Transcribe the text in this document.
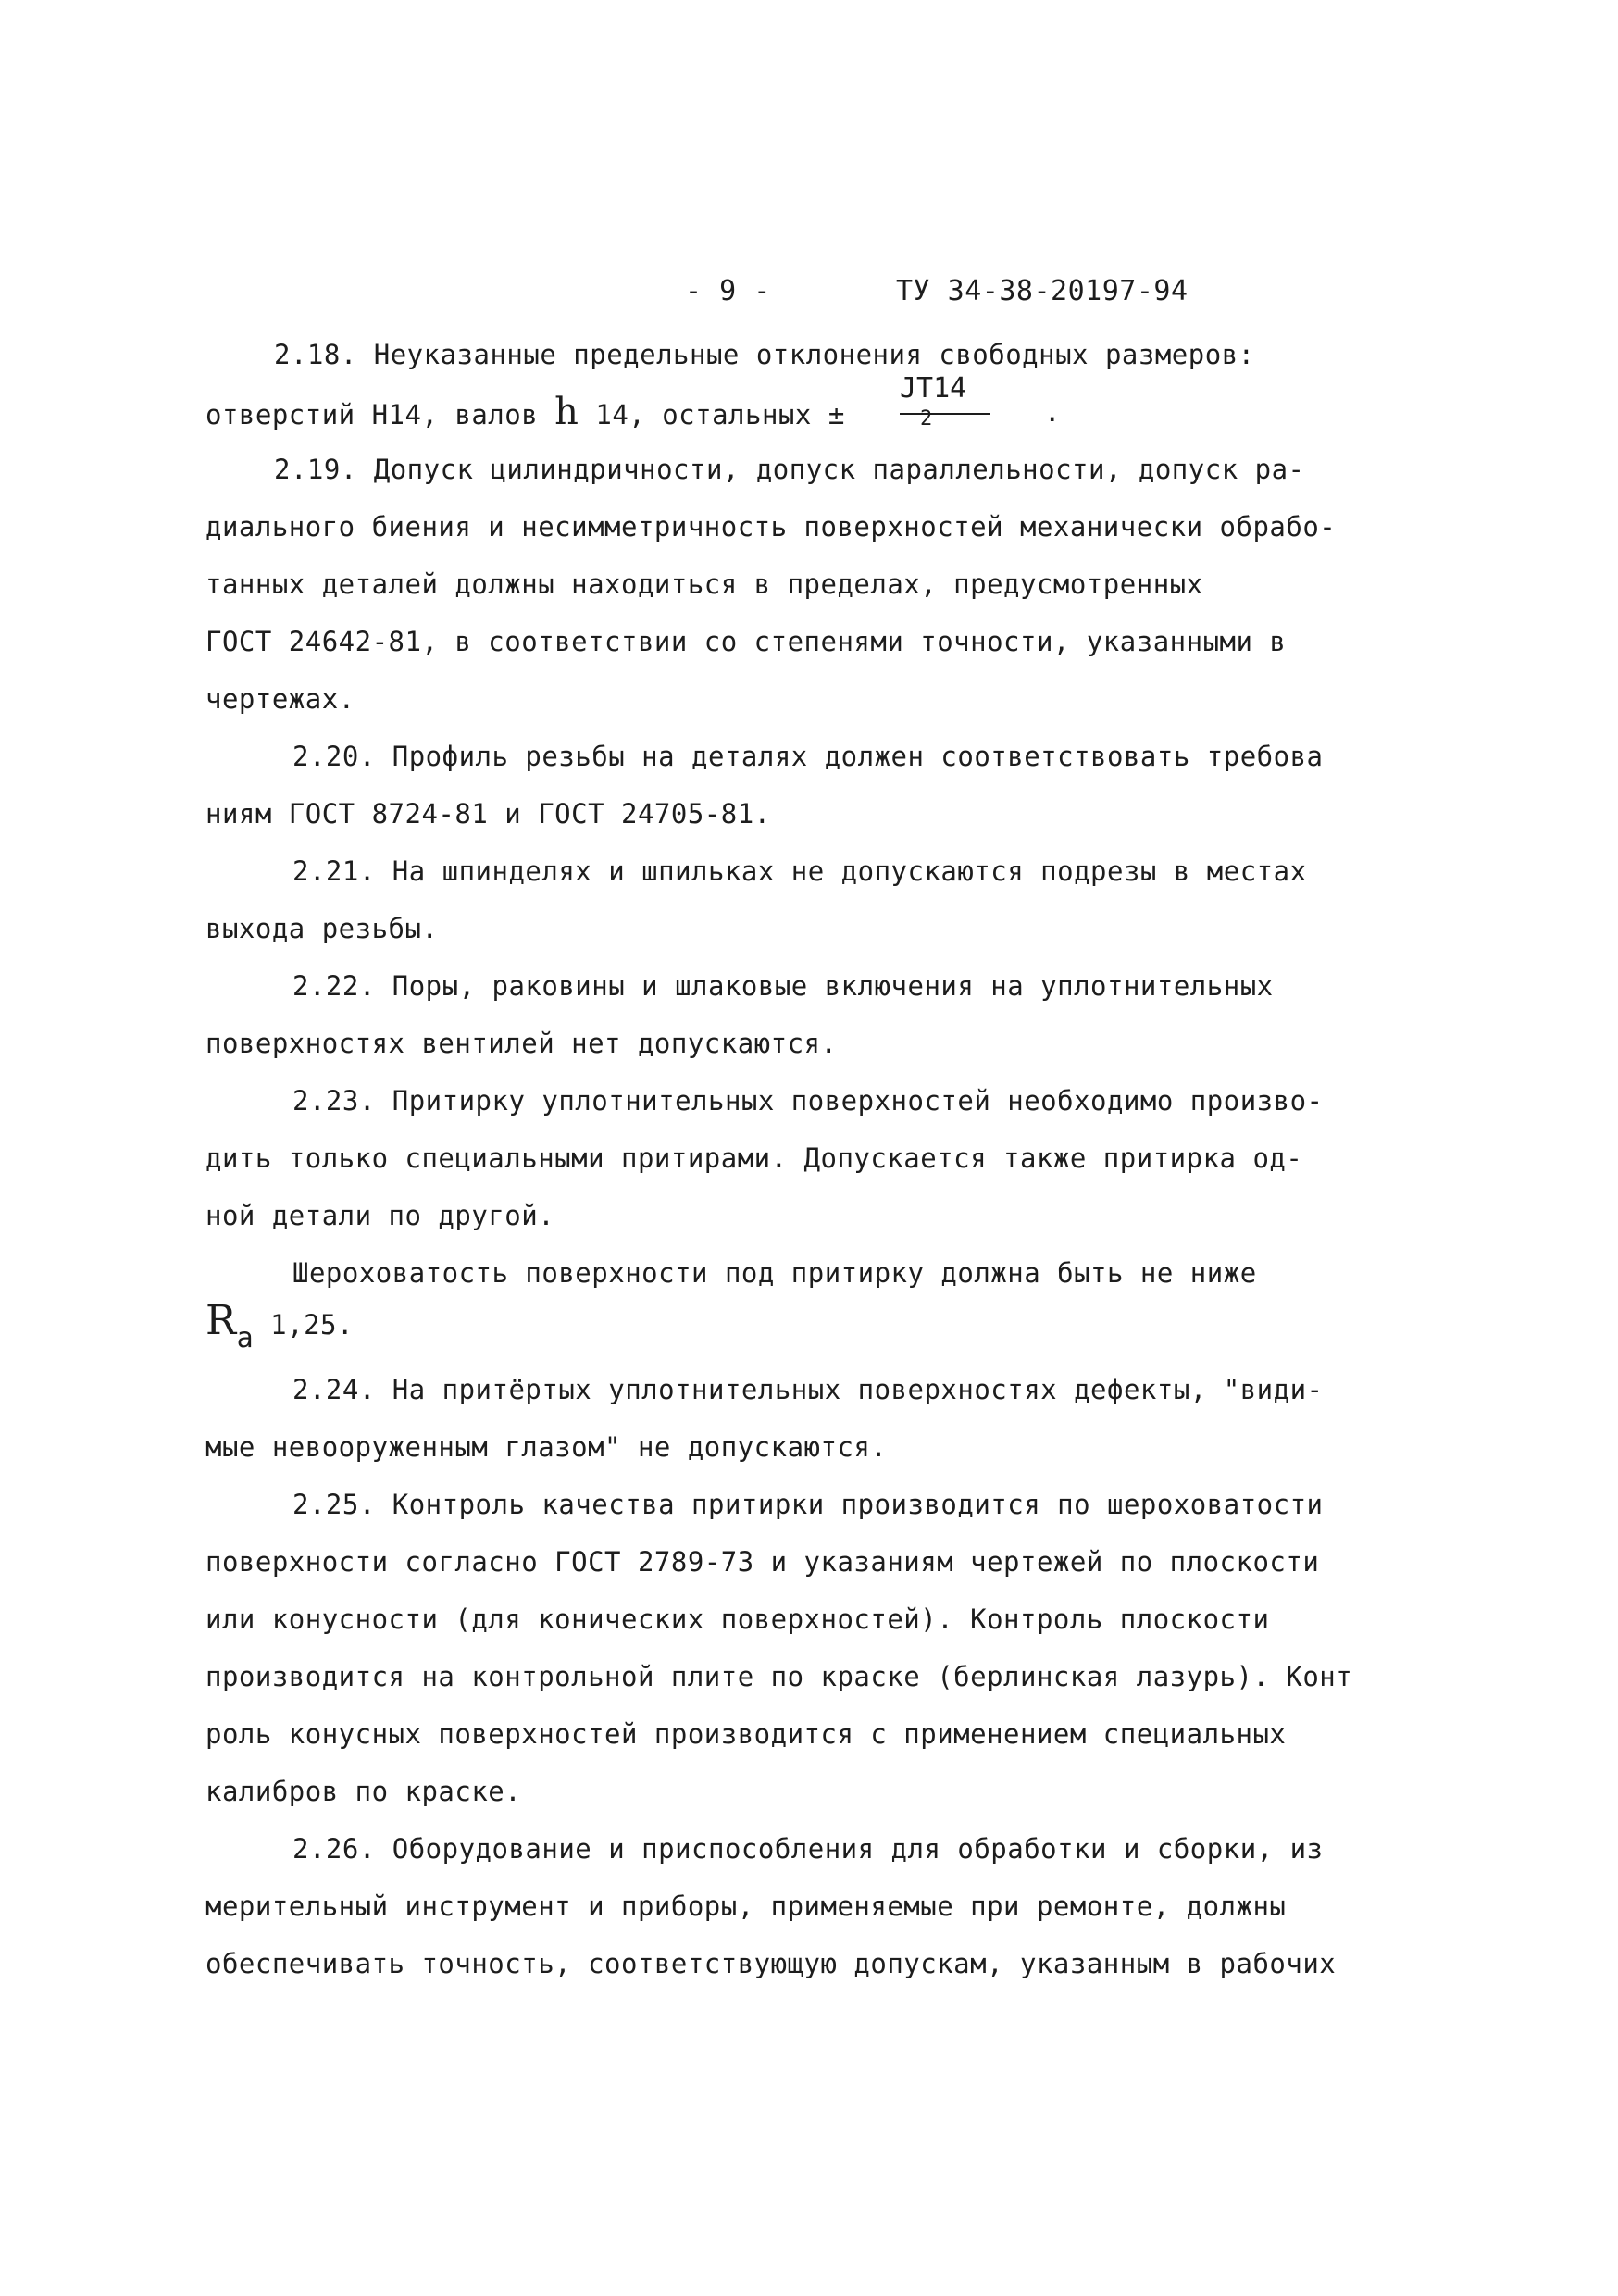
- 9 -	ТУ 34-38-20197-94
2.18. Неуказанные предельные отклонения свободных размеров:
отверстий Н14, валов h 14, остальных ±
JT14
2	.
2.19. Допуск цилиндричности, допуск параллельности, допуск ра-
диального биения и несимметричность поверхностей механически обрабо-
танных деталей должны находиться в пределах, предусмотренных
ГОСТ 24642-81, в соответствии со степенями точности, указанными в
чертежах.
2.20. Профиль резьбы на деталях должен соответствовать требова
ниям ГОСТ 8724-81 и ГОСТ 24705-81.
2.21. На шпинделях и шпильках не допускаются подрезы в местах
выхода резьбы.
2.22. Поры, раковины и шлаковые включения на уплотнительных
поверхностях вентилей нет допускаются.
2.23. Притирку уплотнительных поверхностей необходимо произво-
дить только специальными притирами. Допускается также притирка од-
ной детали по другой.
Шероховатость поверхности под притирку должна быть не ниже
Ra 1,25.
2.24. На притёртых уплотнительных поверхностях дефекты, "види-
мые невооруженным глазом" не допускаются.
2.25. Контроль качества притирки производится по шероховатости
поверхности согласно ГОСТ 2789-73 и указаниям чертежей по плоскости
или конусности (для конических поверхностей). Контроль плоскости
производится на контрольной плите по краске (берлинская лазурь). Конт
роль конусных поверхностей производится с применением специальных
калибров по краске.
2.26. Оборудование и приспособления для обработки и сборки, из
мерительный инструмент и приборы, применяемые при ремонте, должны
обеспечивать точность, соответствующую допускам, указанным в рабочих
